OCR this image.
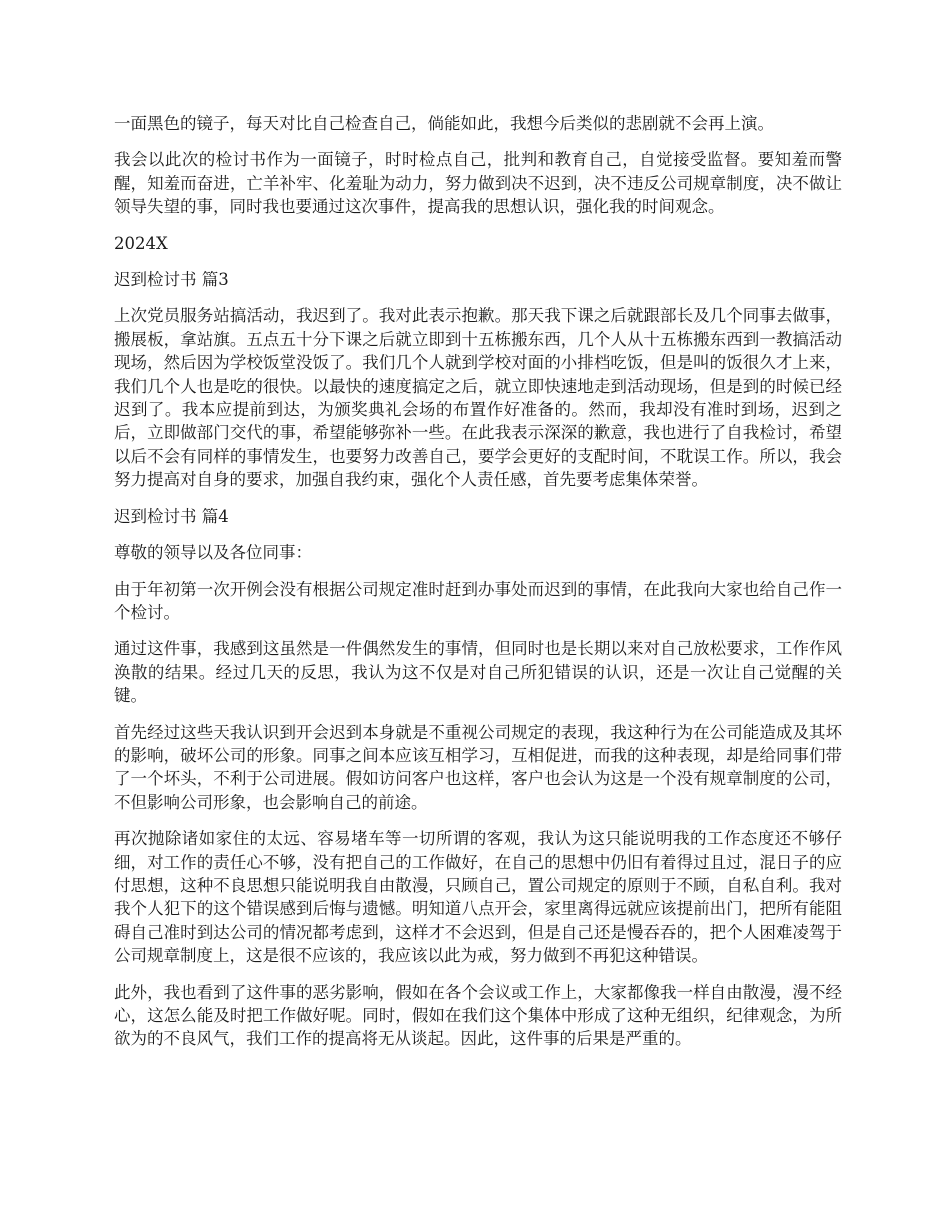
一面黑色的镜子，每天对比自己检查自己，倘能如此，我想今后类似的悲剧就不会再上演。

我会以此次的检讨书作为一面镜子，时时检点自己，批判和教育自己，自觉接受监督。要知羞而警醒，知羞而奋进，亡羊补牢、化羞耻为动力，努力做到决不迟到，决不违反公司规章制度，决不做让领导失望的事，同时我也要通过这次事件，提高我的思想认识，强化我的时间观念。

2024X

迟到检讨书 篇3

上次党员服务站搞活动，我迟到了。我对此表示抱歉。那天我下课之后就跟部长及几个同事去做事，搬展板，拿站旗。五点五十分下课之后就立即到十五栋搬东西，几个人从十五栋搬东西到一教搞活动现场，然后因为学校饭堂没饭了。我们几个人就到学校对面的小排档吃饭，但是叫的饭很久才上来，我们几个人也是吃的很快。以最快的速度搞定之后，就立即快速地走到活动现场，但是到的时候已经迟到了。我本应提前到达，为颁奖典礼会场的布置作好准备的。然而，我却没有准时到场，迟到之后，立即做部门交代的事，希望能够弥补一些。在此我表示深深的歉意，我也进行了自我检讨，希望以后不会有同样的事情发生，也要努力改善自己，要学会更好的支配时间，不耽误工作。所以，我会努力提高对自身的要求，加强自我约束，强化个人责任感，首先要考虑集体荣誉。

迟到检讨书 篇4

尊敬的领导以及各位同事：

由于年初第一次开例会没有根据公司规定准时赶到办事处而迟到的事情，在此我向大家也给自己作一个检讨。

通过这件事，我感到这虽然是一件偶然发生的事情，但同时也是长期以来对自己放松要求，工作作风涣散的结果。经过几天的反思，我认为这不仅是对自己所犯错误的认识，还是一次让自己觉醒的关键。

首先经过这些天我认识到开会迟到本身就是不重视公司规定的表现，我这种行为在公司能造成及其坏的影响，破坏公司的形象。同事之间本应该互相学习，互相促进，而我的这种表现，却是给同事们带了一个坏头，不利于公司进展。假如访问客户也这样，客户也会认为这是一个没有规章制度的公司，不但影响公司形象，也会影响自己的前途。

再次抛除诸如家住的太远、容易堵车等一切所谓的客观，我认为这只能说明我的工作态度还不够仔细，对工作的责任心不够，没有把自己的工作做好，在自己的思想中仍旧有着得过且过，混日子的应付思想，这种不良思想只能说明我自由散漫，只顾自己，置公司规定的原则于不顾，自私自利。我对我个人犯下的这个错误感到后悔与遗憾。明知道八点开会，家里离得远就应该提前出门，把所有能阻碍自己准时到达公司的情况都考虑到，这样才不会迟到，但是自己还是慢吞吞的，把个人困难凌驾于公司规章制度上，这是很不应该的，我应该以此为戒，努力做到不再犯这种错误。

此外，我也看到了这件事的恶劣影响，假如在各个会议或工作上，大家都像我一样自由散漫，漫不经心，这怎么能及时把工作做好呢。同时，假如在我们这个集体中形成了这种无组织，纪律观念，为所欲为的不良风气，我们工作的提高将无从谈起。因此，这件事的后果是严重的。
